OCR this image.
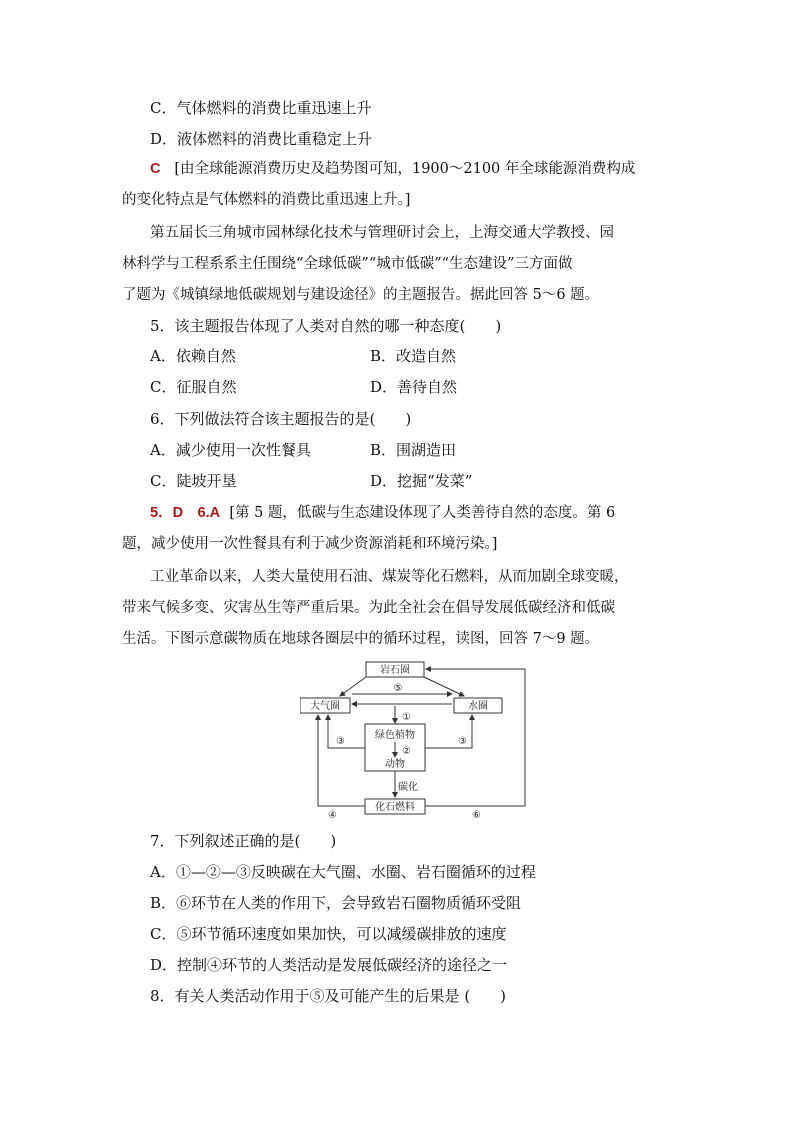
C．气体燃料的消费比重迅速上升
D．液体燃料的消费比重稳定上升
C [由全球能源消费历史及趋势图可知，1900～2100 年全球能源消费构成
的变化特点是气体燃料的消费比重迅速上升。]
第五届长三角城市园林绿化技术与管理研讨会上，上海交通大学教授、园
林科学与工程系系主任围绕“全球低碳”“城市低碳”“生态建设”三方面做
了题为《城镇绿地低碳规划与建设途径》的主题报告。据此回答 5～6 题。
5．该主题报告体现了人类对自然的哪一种态度(　　)
A．依赖自然	B．改造自然
C．征服自然	D．善待自然
6．下列做法符合该主题报告的是(　　)
A．减少使用一次性餐具	B．围湖造田
C．陡坡开垦	D．挖掘“发菜”
5．D　6.A [第 5 题，低碳与生态建设体现了人类善待自然的态度。第 6
题，减少使用一次性餐具有利于减少资源消耗和环境污染。]
工业革命以来，人类大量使用石油、煤炭等化石燃料，从而加剧全球变暖，
带来气候多变、灾害丛生等严重后果。为此全社会在倡导发展低碳经济和低碳
生活。下图示意碳物质在地球各圈层中的循环过程，读图，回答 7～9 题。
岩石圈
大气圈	水圈
绿色植物
动物
化石燃料
⑤
①
②
③	③
碳化
④	⑥
7．下列叙述正确的是(　　)
A．①—②—③反映碳在大气圈、水圈、岩石圈循环的过程
B．⑥环节在人类的作用下，会导致岩石圈物质循环受阻
C．⑤环节循环速度如果加快，可以减缓碳排放的速度
D．控制④环节的人类活动是发展低碳经济的途径之一
8．有关人类活动作用于⑤及可能产生的后果是 (　　)
